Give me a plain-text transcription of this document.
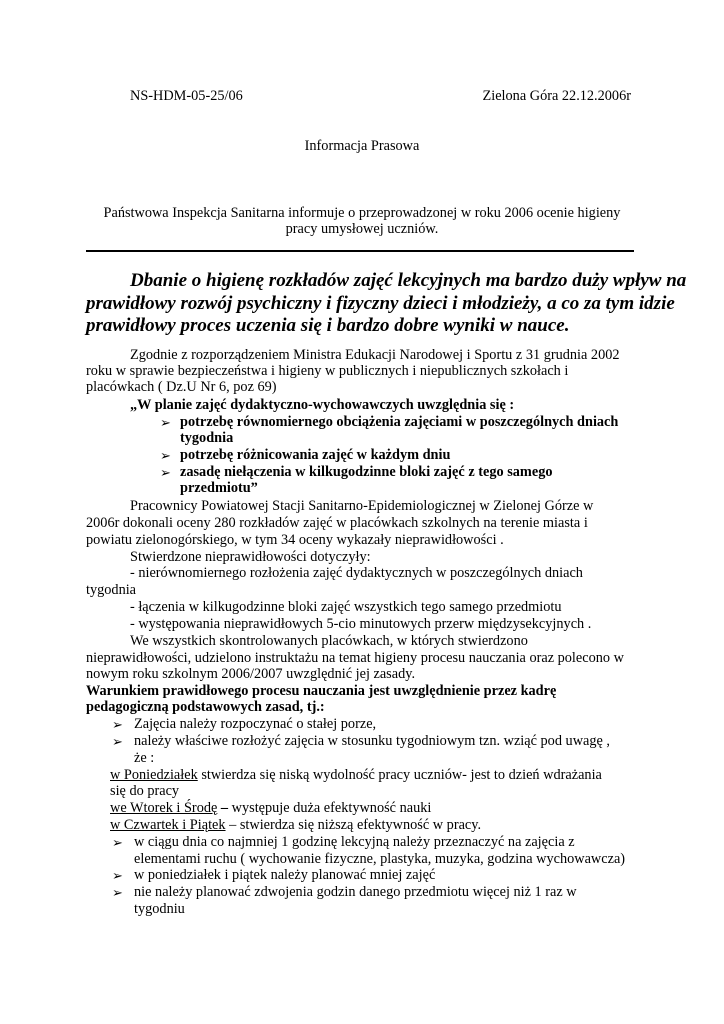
NS-HDM-05-25/06	Zielona Góra 22.12.2006r
Informacja Prasowa
Państwowa Inspekcja Sanitarna informuje o przeprowadzonej w roku 2006 ocenie higieny
pracy umysłowej uczniów.
Dbanie o higienę rozkładów zajęć lekcyjnych ma bardzo duży wpływ na
prawidłowy rozwój psychiczny i fizyczny dzieci i młodzieży, a co za tym idzie
prawidłowy proces uczenia się i bardzo dobre wyniki w nauce.
Zgodnie z rozporządzeniem Ministra Edukacji Narodowej i Sportu z 31 grudnia 2002
roku w sprawie bezpieczeństwa i higieny w publicznych i niepublicznych szkołach i
placówkach ( Dz.U Nr 6, poz 69)
„W planie zajęć dydaktyczno-wychowawczych uwzględnia się :
➢ potrzebę równomiernego obciążenia zajęciami w poszczególnych dniach
tygodnia
➢ potrzebę różnicowania zajęć w każdym dniu
➢ zasadę niełączenia w kilkugodzinne bloki zajęć z tego samego
przedmiotu”
Pracownicy Powiatowej Stacji Sanitarno-Epidemiologicznej w Zielonej Górze w
2006r dokonali oceny 280 rozkładów zajęć w placówkach szkolnych na terenie miasta i
powiatu zielonogórskiego, w tym 34 oceny wykazały nieprawidłowości .
Stwierdzone nieprawidłowości dotyczyły:
- nierównomiernego rozłożenia zajęć dydaktycznych w poszczególnych dniach
tygodnia
- łączenia w kilkugodzinne bloki zajęć wszystkich tego samego przedmiotu
- występowania nieprawidłowych 5-cio minutowych przerw międzysekcyjnych .
We wszystkich skontrolowanych placówkach, w których stwierdzono
nieprawidłowości, udzielono instruktażu na temat higieny procesu nauczania oraz polecono w
nowym roku szkolnym 2006/2007 uwzględnić jej zasady.
Warunkiem prawidłowego procesu nauczania jest uwzględnienie przez kadrę
pedagogiczną podstawowych zasad, tj.:
➢ Zajęcia należy rozpoczynać o stałej porze,
➢ należy właściwe rozłożyć zajęcia w stosunku tygodniowym tzn. wziąć pod uwagę ,
że :
w Poniedziałek stwierdza się niską wydolność pracy uczniów- jest to dzień wdrażania
się do pracy
we Wtorek i Środę – występuje duża efektywność nauki
w Czwartek i Piątek – stwierdza się niższą efektywność w pracy.
➢ w ciągu dnia co najmniej 1 godzinę lekcyjną należy przeznaczyć na zajęcia z
elementami ruchu ( wychowanie fizyczne, plastyka, muzyka, godzina wychowawcza)
➢ w poniedziałek i piątek należy planować mniej zajęć
➢ nie należy planować zdwojenia godzin danego przedmiotu więcej niż 1 raz w
tygodniu
